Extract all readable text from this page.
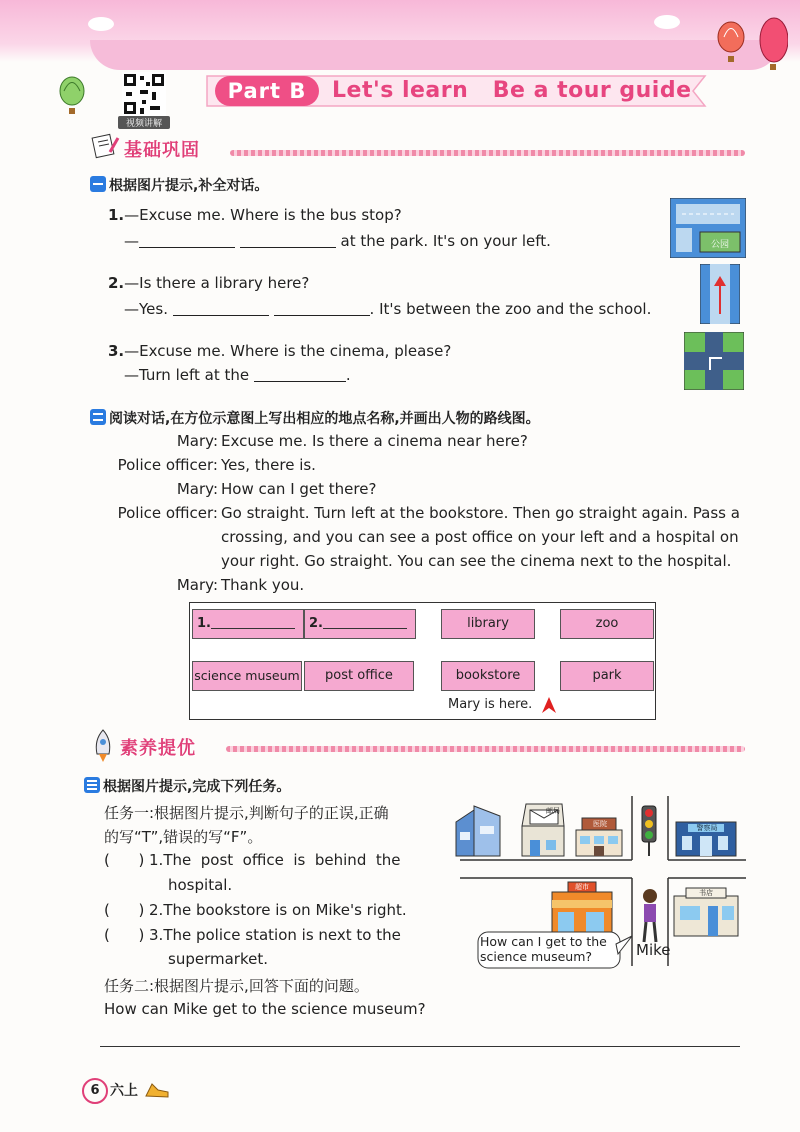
视频讲解
Part B	Let's learn   Be a tour guide
基础巩固
根据图片提示,补全对话。
1.—Excuse me. Where is the bus stop?
—	at the park. It's on your left.
2.—Is there a library here?
—Yes.	. It's between the zoo and the school.
3.—Excuse me. Where is the cinema, please?
—Turn left at the	.
公园
阅读对话,在方位示意图上写出相应的地点名称,并画出人物的路线图。
Mary: Excuse me. Is there a cinema near here?
Police officer: Yes, there is.
Mary: How can I get there?
Police officer: Go straight. Turn left at the bookstore. Then go straight again. Pass a
crossing, and you can see a post office on your left and a hospital on
your right. Go straight. You can see the cinema next to the hospital.
Mary: Thank you.
1.	2.	library	zoo
science museum	post office	bookstore	park
Mary is here.
素养提优
根据图片提示,完成下列任务。
任务一:根据图片提示,判断句子的正误,正确
的写“T”,错误的写“F”。
(      ) 1.The  post  office  is  behind  the
hospital.
(      ) 2.The bookstore is on Mike's right.
(      ) 3.The police station is next to the
supermarket.
任务二:根据图片提示,回答下面的问题。
How can Mike get to the science museum?
邮局
医院	警察局
超市
书店
How can I get to the
science museum?	Mike
6 六上
